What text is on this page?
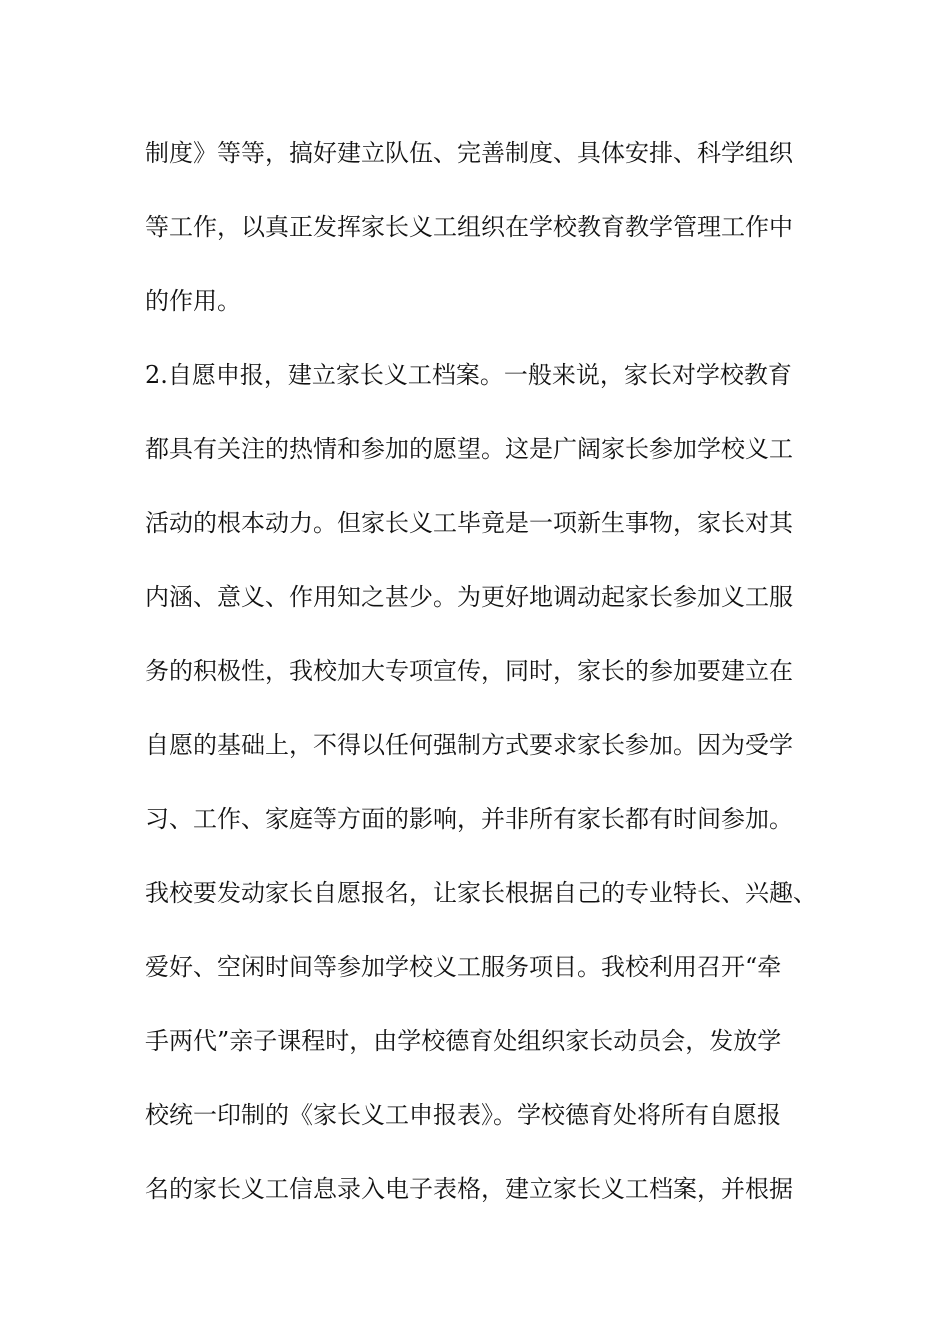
制度》等等，搞好建立队伍、完善制度、具体安排、科学组织
等工作，以真正发挥家长义工组织在学校教育教学管理工作中
的作用。
2.自愿申报，建立家长义工档案。一般来说，家长对学校教育
都具有关注的热情和参加的愿望。这是广阔家长参加学校义工
活动的根本动力。但家长义工毕竟是一项新生事物，家长对其
内涵、意义、作用知之甚少。为更好地调动起家长参加义工服
务的积极性，我校加大专项宣传，同时，家长的参加要建立在
自愿的基础上，不得以任何强制方式要求家长参加。因为受学
习、工作、家庭等方面的影响，并非所有家长都有时间参加。
我校要发动家长自愿报名，让家长根据自己的专业特长、兴趣、
爱好、空闲时间等参加学校义工服务项目。我校利用召开“牵
手两代”亲子课程时，由学校德育处组织家长动员会，发放学
校统一印制的《家长义工申报表》。学校德育处将所有自愿报
名的家长义工信息录入电子表格，建立家长义工档案，并根据
